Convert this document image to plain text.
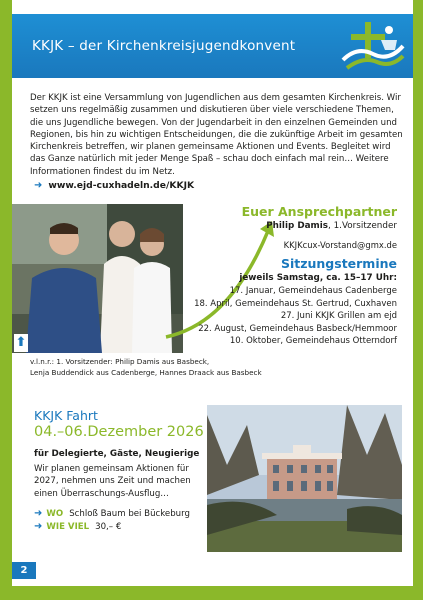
KKJK – der Kirchenkreisjugendkonvent
Der KKJK ist eine Versammlung von Jugendlichen aus dem gesamten Kirchenkreis. Wir setzen uns regelmäßig zusammen und diskutieren über viele verschiedene Themen, die uns Jugendliche bewegen. Von der Jugendarbeit in den einzelnen Gemeinden und Regionen, bis hin zu wichtigen Entscheidungen, die die zukünftige Arbeit im gesamten Kirchenkreis betreffen, wir planen gemeinsame Aktionen und Events. Begleitet wird das Ganze natürlich mit jeder Menge Spaß – schau doch einfach mal rein… Weitere Informationen findest du im Netz.
➜ www.ejd-cuxhadeln.de/KKJK
⬆
Euer Ansprechpartner
Philip Damis, 1.Vorsitzender
KKJKcux-Vorstand@gmx.de
Sitzungstermine
jeweils Samstag, ca. 15–17 Uhr:
17. Januar, Gemeindehaus Cadenberge
18. April, Gemeindehaus St. Gertrud, Cuxhaven
27. Juni KKJK Grillen am ejd
22. August, Gemeindehaus Basbeck/Hemmoor
10. Oktober, Gemeindehaus Otterndorf
v.l.n.r.: 1. Vorsitzender: Philip Damis aus Basbeck,
Lenja Buddendick aus Cadenberge, Hannes Draack aus Basbeck
KKJK Fahrt
04.–06.Dezember 2026
für Delegierte, Gäste, Neugierige
Wir planen gemeinsam Aktionen für 2027, nehmen uns Zeit und machen einen Überraschungs-Ausflug…
➜ WO Schloß Baum bei Bückeburg
➜ WIE VIEL 30,– €
2
